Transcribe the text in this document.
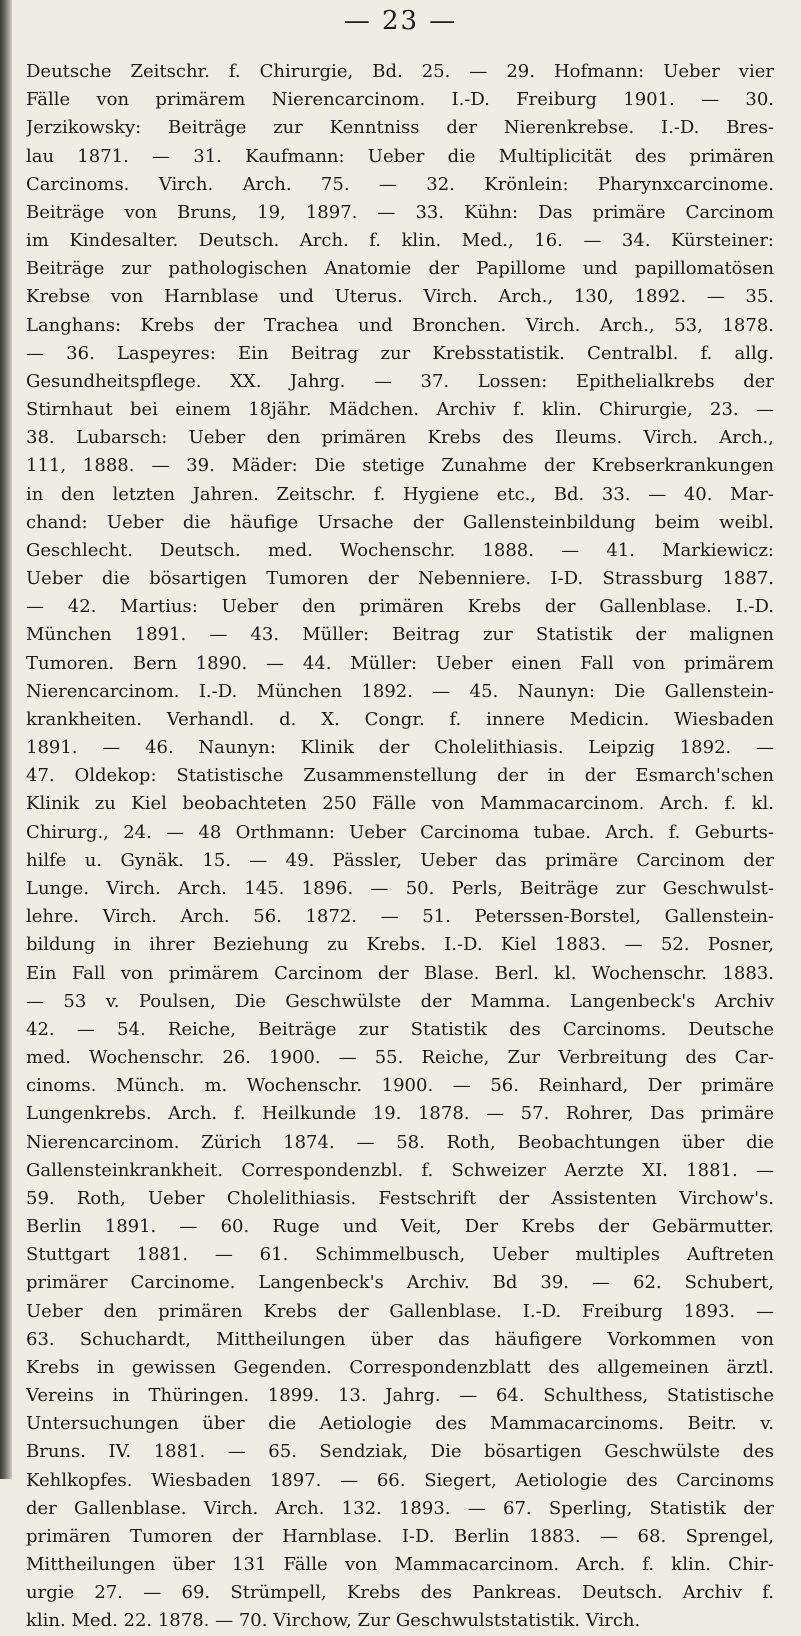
— 23 —
Deutsche Zeitschr. f. Chirurgie, Bd. 25. — 29. Hofmann: Ueber vier
Fälle von primärem Nierencarcinom. I.-D. Freiburg 1901. — 30.
Jerzikowsky: Beiträge zur Kenntniss der Nierenkrebse. I.-D. Bres-
lau 1871. — 31. Kaufmann: Ueber die Multiplicität des primären
Carcinoms. Virch. Arch. 75. — 32. Krönlein: Pharynxcarcinome.
Beiträge von Bruns, 19, 1897. — 33. Kühn: Das primäre Carcinom
im Kindesalter. Deutsch. Arch. f. klin. Med., 16. — 34. Kürsteiner:
Beiträge zur pathologischen Anatomie der Papillome und papillomatösen
Krebse von Harnblase und Uterus. Virch. Arch., 130, 1892. — 35.
Langhans: Krebs der Trachea und Bronchen. Virch. Arch., 53, 1878.
— 36. Laspeyres: Ein Beitrag zur Krebsstatistik. Centralbl. f. allg.
Gesundheitspflege. XX. Jahrg. — 37. Lossen: Epithelialkrebs der
Stirnhaut bei einem 18jähr. Mädchen. Archiv f. klin. Chirurgie, 23. —
38. Lubarsch: Ueber den primären Krebs des Ileums. Virch. Arch.,
111, 1888. — 39. Mäder: Die stetige Zunahme der Krebserkrankungen
in den letzten Jahren. Zeitschr. f. Hygiene etc., Bd. 33. — 40. Mar-
chand: Ueber die häufige Ursache der Gallensteinbildung beim weibl.
Geschlecht. Deutsch. med. Wochenschr. 1888. — 41. Markiewicz:
Ueber die bösartigen Tumoren der Nebenniere. I-D. Strassburg 1887.
— 42. Martius: Ueber den primären Krebs der Gallenblase. I.-D.
München 1891. — 43. Müller: Beitrag zur Statistik der malignen
Tumoren. Bern 1890. — 44. Müller: Ueber einen Fall von primärem
Nierencarcinom. I.-D. München 1892. — 45. Naunyn: Die Gallenstein-
krankheiten. Verhandl. d. X. Congr. f. innere Medicin. Wiesbaden
1891. — 46. Naunyn: Klinik der Cholelithiasis. Leipzig 1892. —
47. Oldekop: Statistische Zusammenstellung der in der Esmarch'schen
Klinik zu Kiel beobachteten 250 Fälle von Mammacarcinom. Arch. f. kl.
Chirurg., 24. — 48 Orthmann: Ueber Carcinoma tubae. Arch. f. Geburts-
hilfe u. Gynäk. 15. — 49. Pässler, Ueber das primäre Carcinom der
Lunge. Virch. Arch. 145. 1896. — 50. Perls, Beiträge zur Geschwulst-
lehre. Virch. Arch. 56. 1872. — 51. Peterssen-Borstel, Gallenstein-
bildung in ihrer Beziehung zu Krebs. I.-D. Kiel 1883. — 52. Posner,
Ein Fall von primärem Carcinom der Blase. Berl. kl. Wochenschr. 1883.
— 53 v. Poulsen, Die Geschwülste der Mamma. Langenbeck's Archiv
42. — 54. Reiche, Beiträge zur Statistik des Carcinoms. Deutsche
med. Wochenschr. 26. 1900. — 55. Reiche, Zur Verbreitung des Car-
cinoms. Münch. m. Wochenschr. 1900. — 56. Reinhard, Der primäre
Lungenkrebs. Arch. f. Heilkunde 19. 1878. — 57. Rohrer, Das primäre
Nierencarcinom. Zürich 1874. — 58. Roth, Beobachtungen über die
Gallensteinkrankheit. Correspondenzbl. f. Schweizer Aerzte XI. 1881. —
59. Roth, Ueber Cholelithiasis. Festschrift der Assistenten Virchow's.
Berlin 1891. — 60. Ruge und Veit, Der Krebs der Gebärmutter.
Stuttgart 1881. — 61. Schimmelbusch, Ueber multiples Auftreten
primärer Carcinome. Langenbeck's Archiv. Bd 39. — 62. Schubert,
Ueber den primären Krebs der Gallenblase. I.-D. Freiburg 1893. —
63. Schuchardt, Mittheilungen über das häufigere Vorkommen von
Krebs in gewissen Gegenden. Correspondenzblatt des allgemeinen ärztl.
Vereins in Thüringen. 1899. 13. Jahrg. — 64. Schulthess, Statistische
Untersuchungen über die Aetiologie des Mammacarcinoms. Beitr. v.
Bruns. IV. 1881. — 65. Sendziak, Die bösartigen Geschwülste des
Kehlkopfes. Wiesbaden 1897. — 66. Siegert, Aetiologie des Carcinoms
der Gallenblase. Virch. Arch. 132. 1893. — 67. Sperling, Statistik der
primären Tumoren der Harnblase. I-D. Berlin 1883. — 68. Sprengel,
Mittheilungen über 131 Fälle von Mammacarcinom. Arch. f. klin. Chir-
urgie 27. — 69. Strümpell, Krebs des Pankreas. Deutsch. Archiv f.
klin. Med. 22. 1878. — 70. Virchow, Zur Geschwulststatistik. Virch.
